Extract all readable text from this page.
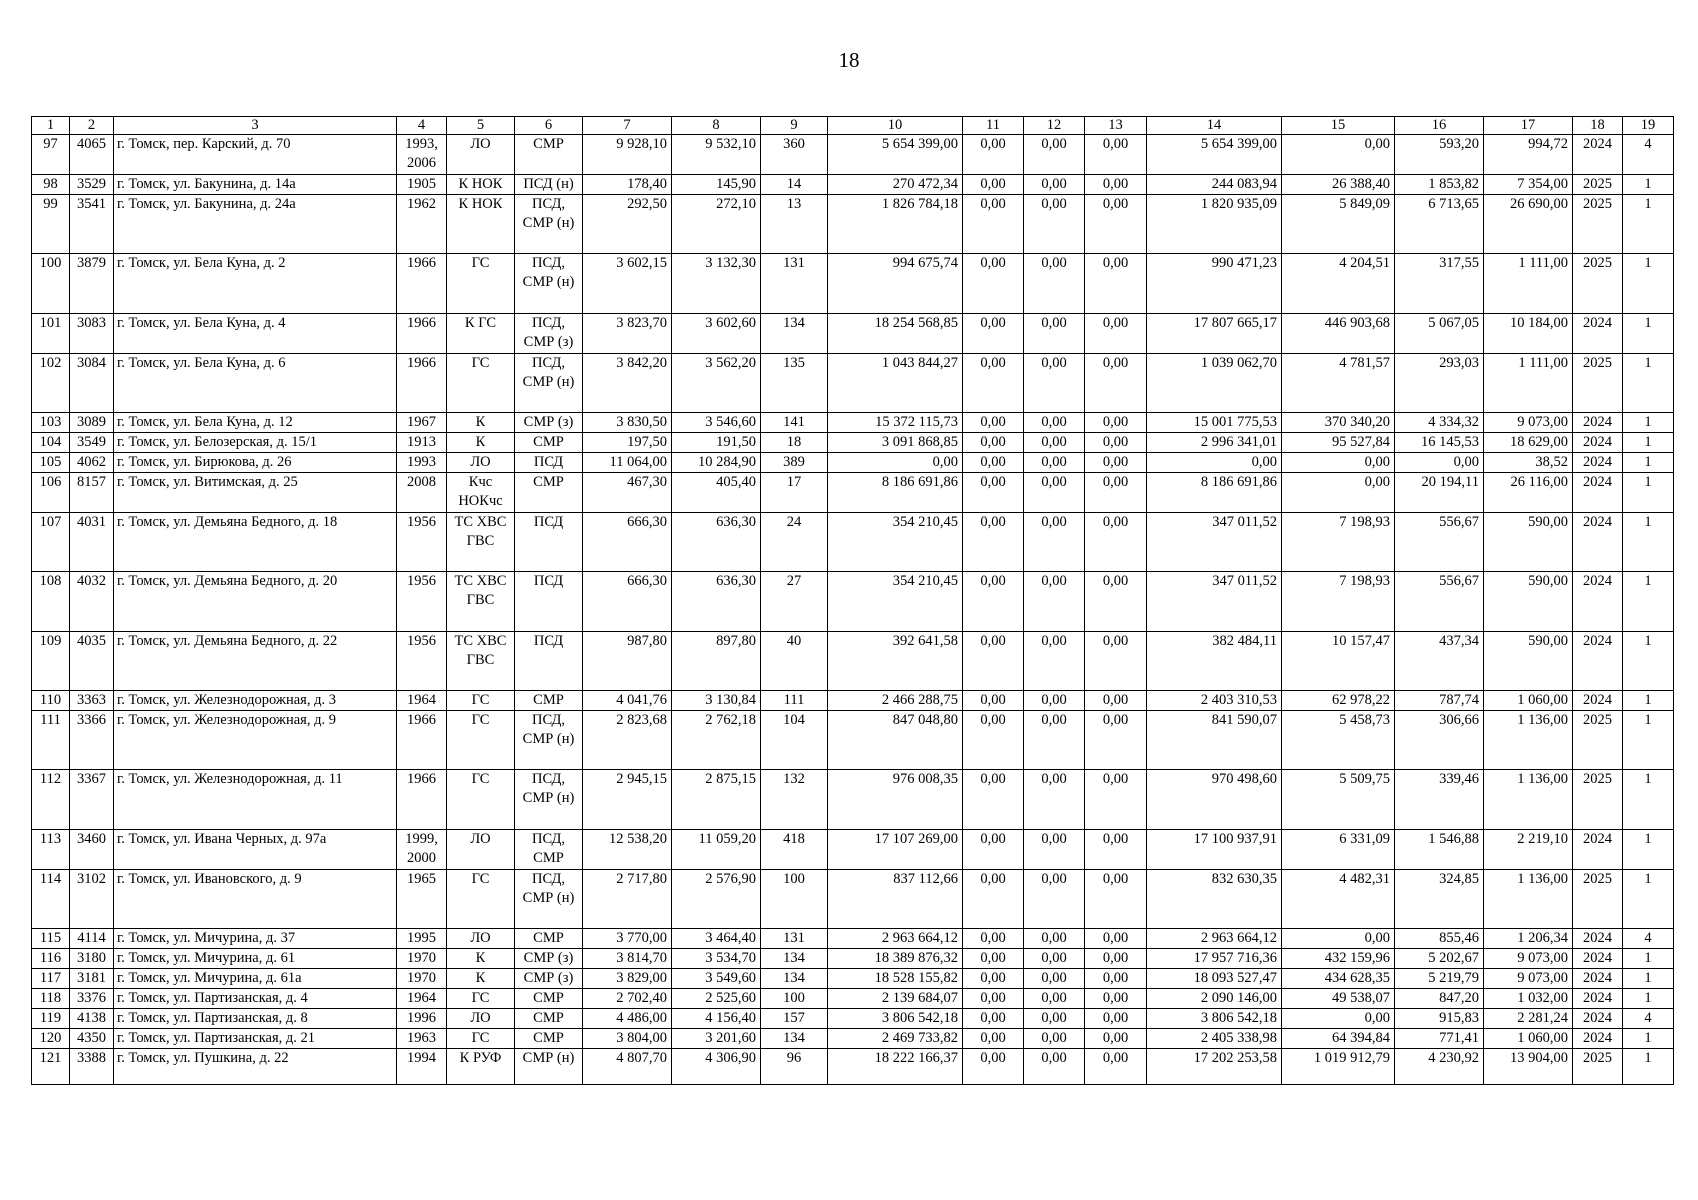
18
1	2	3	4	5	6	7	8	9	10	11	12	13	14	15	16	17	18	19
97	4065	г. Томск, пер. Карский, д. 70	1993, 2006	ЛО	СМР	9 928,10	9 532,10	360	5 654 399,00	0,00	0,00	0,00	5 654 399,00	0,00	593,20	994,72	2024	4
98	3529	г. Томск, ул. Бакунина, д. 14а	1905	К НОК	ПСД (н)	178,40	145,90	14	270 472,34	0,00	0,00	0,00	244 083,94	26 388,40	1 853,82	7 354,00	2025	1
99	3541	г. Томск, ул. Бакунина, д. 24а	1962	К НОК	ПСД, СМР (н)	292,50	272,10	13	1 826 784,18	0,00	0,00	0,00	1 820 935,09	5 849,09	6 713,65	26 690,00	2025	1
100	3879	г. Томск, ул. Бела Куна, д. 2	1966	ГС	ПСД, СМР (н)	3 602,15	3 132,30	131	994 675,74	0,00	0,00	0,00	990 471,23	4 204,51	317,55	1 111,00	2025	1
101	3083	г. Томск, ул. Бела Куна, д. 4	1966	К ГС	ПСД, СМР (з)	3 823,70	3 602,60	134	18 254 568,85	0,00	0,00	0,00	17 807 665,17	446 903,68	5 067,05	10 184,00	2024	1
102	3084	г. Томск, ул. Бела Куна, д. 6	1966	ГС	ПСД, СМР (н)	3 842,20	3 562,20	135	1 043 844,27	0,00	0,00	0,00	1 039 062,70	4 781,57	293,03	1 111,00	2025	1
103	3089	г. Томск, ул. Бела Куна, д. 12	1967	К	СМР (з)	3 830,50	3 546,60	141	15 372 115,73	0,00	0,00	0,00	15 001 775,53	370 340,20	4 334,32	9 073,00	2024	1
104	3549	г. Томск, ул. Белозерская, д. 15/1	1913	К	СМР	197,50	191,50	18	3 091 868,85	0,00	0,00	0,00	2 996 341,01	95 527,84	16 145,53	18 629,00	2024	1
105	4062	г. Томск, ул. Бирюкова, д. 26	1993	ЛО	ПСД	11 064,00	10 284,90	389	0,00	0,00	0,00	0,00	0,00	0,00	0,00	38,52	2024	1
106	8157	г. Томск, ул. Витимская, д. 25	2008	Кчс НОКчс	СМР	467,30	405,40	17	8 186 691,86	0,00	0,00	0,00	8 186 691,86	0,00	20 194,11	26 116,00	2024	1
107	4031	г. Томск, ул. Демьяна Бедного, д. 18	1956	ТС ХВС ГВС	ПСД	666,30	636,30	24	354 210,45	0,00	0,00	0,00	347 011,52	7 198,93	556,67	590,00	2024	1
108	4032	г. Томск, ул. Демьяна Бедного, д. 20	1956	ТС ХВС ГВС	ПСД	666,30	636,30	27	354 210,45	0,00	0,00	0,00	347 011,52	7 198,93	556,67	590,00	2024	1
109	4035	г. Томск, ул. Демьяна Бедного, д. 22	1956	ТС ХВС ГВС	ПСД	987,80	897,80	40	392 641,58	0,00	0,00	0,00	382 484,11	10 157,47	437,34	590,00	2024	1
110	3363	г. Томск, ул. Железнодорожная, д. 3	1964	ГС	СМР	4 041,76	3 130,84	111	2 466 288,75	0,00	0,00	0,00	2 403 310,53	62 978,22	787,74	1 060,00	2024	1
111	3366	г. Томск, ул. Железнодорожная, д. 9	1966	ГС	ПСД, СМР (н)	2 823,68	2 762,18	104	847 048,80	0,00	0,00	0,00	841 590,07	5 458,73	306,66	1 136,00	2025	1
112	3367	г. Томск, ул. Железнодорожная, д. 11	1966	ГС	ПСД, СМР (н)	2 945,15	2 875,15	132	976 008,35	0,00	0,00	0,00	970 498,60	5 509,75	339,46	1 136,00	2025	1
113	3460	г. Томск, ул. Ивана Черных, д. 97а	1999, 2000	ЛО	ПСД, СМР	12 538,20	11 059,20	418	17 107 269,00	0,00	0,00	0,00	17 100 937,91	6 331,09	1 546,88	2 219,10	2024	1
114	3102	г. Томск, ул. Ивановского, д. 9	1965	ГС	ПСД, СМР (н)	2 717,80	2 576,90	100	837 112,66	0,00	0,00	0,00	832 630,35	4 482,31	324,85	1 136,00	2025	1
115	4114	г. Томск, ул. Мичурина, д. 37	1995	ЛО	СМР	3 770,00	3 464,40	131	2 963 664,12	0,00	0,00	0,00	2 963 664,12	0,00	855,46	1 206,34	2024	4
116	3180	г. Томск, ул. Мичурина, д. 61	1970	К	СМР (з)	3 814,70	3 534,70	134	18 389 876,32	0,00	0,00	0,00	17 957 716,36	432 159,96	5 202,67	9 073,00	2024	1
117	3181	г. Томск, ул. Мичурина, д. 61а	1970	К	СМР (з)	3 829,00	3 549,60	134	18 528 155,82	0,00	0,00	0,00	18 093 527,47	434 628,35	5 219,79	9 073,00	2024	1
118	3376	г. Томск, ул. Партизанская, д. 4	1964	ГС	СМР	2 702,40	2 525,60	100	2 139 684,07	0,00	0,00	0,00	2 090 146,00	49 538,07	847,20	1 032,00	2024	1
119	4138	г. Томск, ул. Партизанская, д. 8	1996	ЛО	СМР	4 486,00	4 156,40	157	3 806 542,18	0,00	0,00	0,00	3 806 542,18	0,00	915,83	2 281,24	2024	4
120	4350	г. Томск, ул. Партизанская, д. 21	1963	ГС	СМР	3 804,00	3 201,60	134	2 469 733,82	0,00	0,00	0,00	2 405 338,98	64 394,84	771,41	1 060,00	2024	1
121	3388	г. Томск, ул. Пушкина, д. 22	1994	К РУФ	СМР (н)	4 807,70	4 306,90	96	18 222 166,37	0,00	0,00	0,00	17 202 253,58	1 019 912,79	4 230,92	13 904,00	2025	1
